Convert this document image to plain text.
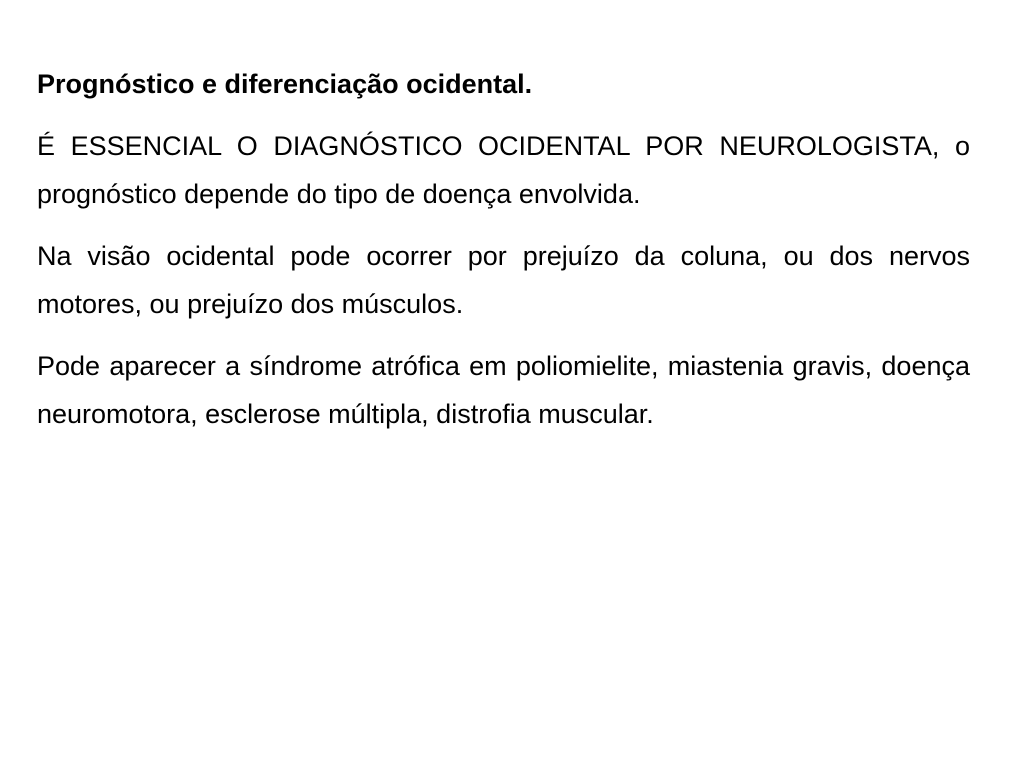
Prognóstico e diferenciação ocidental.

É ESSENCIAL O DIAGNÓSTICO OCIDENTAL POR NEUROLOGISTA, o prognóstico depende do tipo de doença envolvida.

Na visão ocidental pode ocorrer por prejuízo da coluna, ou dos nervos motores, ou prejuízo dos músculos.

Pode aparecer a síndrome atrófica em poliomielite, miastenia gravis, doença neuromotora, esclerose múltipla, distrofia muscular.
